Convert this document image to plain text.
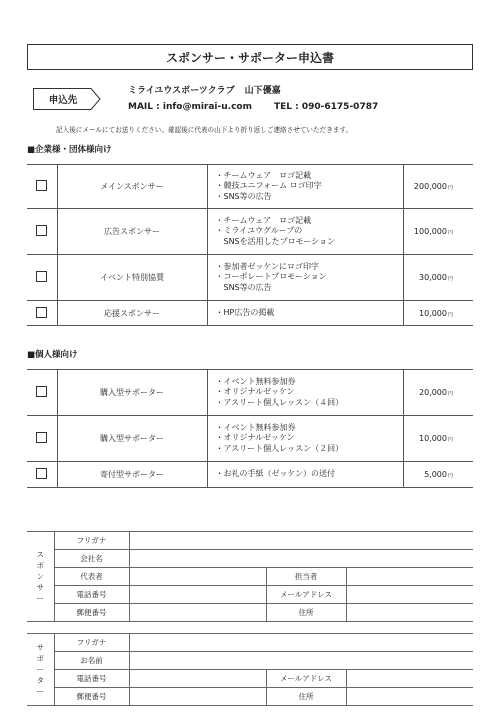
スポンサー・サポーター申込書
申込先
ミライユウスポーツクラブ 山下優嘉
MAIL : info@mirai-u.com TEL : 090-6175-0787
記入後にメールにてお送りください。確認後に代表の山下より折り返しご連絡させていただきます。
■企業様・団体様向け
	メインスポンサー	・チームウェア　ロゴ記載
・競技ユニフォーム ロゴ印字
・SNS等の広告	200,000円
	広告スポンサー	・チームウェア　ロゴ記載
・ミライユウグループの
　SNSを活用したプロモーション	100,000円
	イベント特別協賛	・参加者ゼッケンにロゴ印字
・コーポレートプロモーション
　SNS等の広告	30,000円
	応援スポンサー	・HP広告の掲載	10,000円
■個人様向け
	購入型サポーター	・イベント無料参加券
・オリジナルゼッケン
・アスリート個人レッスン（４回）	20,000円
	購入型サポーター	・イベント無料参加券
・オリジナルゼッケン
・アスリート個人レッスン（２回）	10,000円
	寄付型サポーター	・お礼の手紙（ゼッケン）の送付	5,000円
ス
ポ
ン
サ
ー	フリガナ			
	会社名			
	代表者		担当者	
	電話番号		メールアドレス	
	郵便番号		住所	
サ
ポ
ー
タ
ー	フリガナ			
	お名前			
	電話番号		メールアドレス	
	郵便番号		住所	
